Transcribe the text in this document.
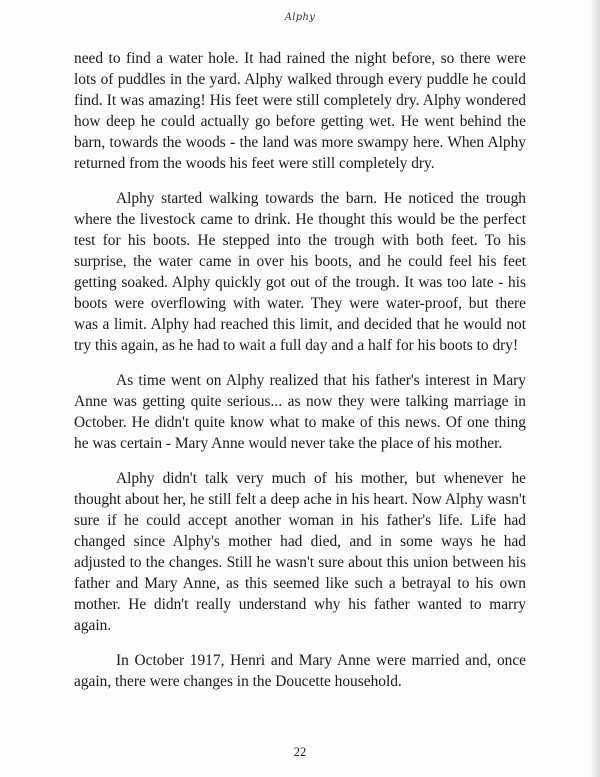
Alphy

need to find a water hole. It had rained the night before, so there were lots of puddles in the yard. Alphy walked through every puddle he could find. It was amazing! His feet were still completely dry. Alphy wondered how deep he could actually go before getting wet. He went behind the barn, towards the woods - the land was more swampy here. When Alphy returned from the woods his feet were still completely dry.

Alphy started walking towards the barn. He noticed the trough where the livestock came to drink. He thought this would be the perfect test for his boots. He stepped into the trough with both feet. To his surprise, the water came in over his boots, and he could feel his feet getting soaked. Alphy quickly got out of the trough. It was too late - his boots were overflowing with water. They were water-proof, but there was a limit. Alphy had reached this limit, and decided that he would not try this again, as he had to wait a full day and a half for his boots to dry!

As time went on Alphy realized that his father's interest in Mary Anne was getting quite serious... as now they were talking marriage in October. He didn't quite know what to make of this news. Of one thing he was certain - Mary Anne would never take the place of his mother.

Alphy didn't talk very much of his mother, but whenever he thought about her, he still felt a deep ache in his heart. Now Alphy wasn't sure if he could accept another woman in his father's life. Life had changed since Alphy's mother had died, and in some ways he had adjusted to the changes. Still he wasn't sure about this union between his father and Mary Anne, as this seemed like such a betrayal to his own mother. He didn't really understand why his father wanted to marry again.

In October 1917, Henri and Mary Anne were married and, once again, there were changes in the Doucette household.

22
